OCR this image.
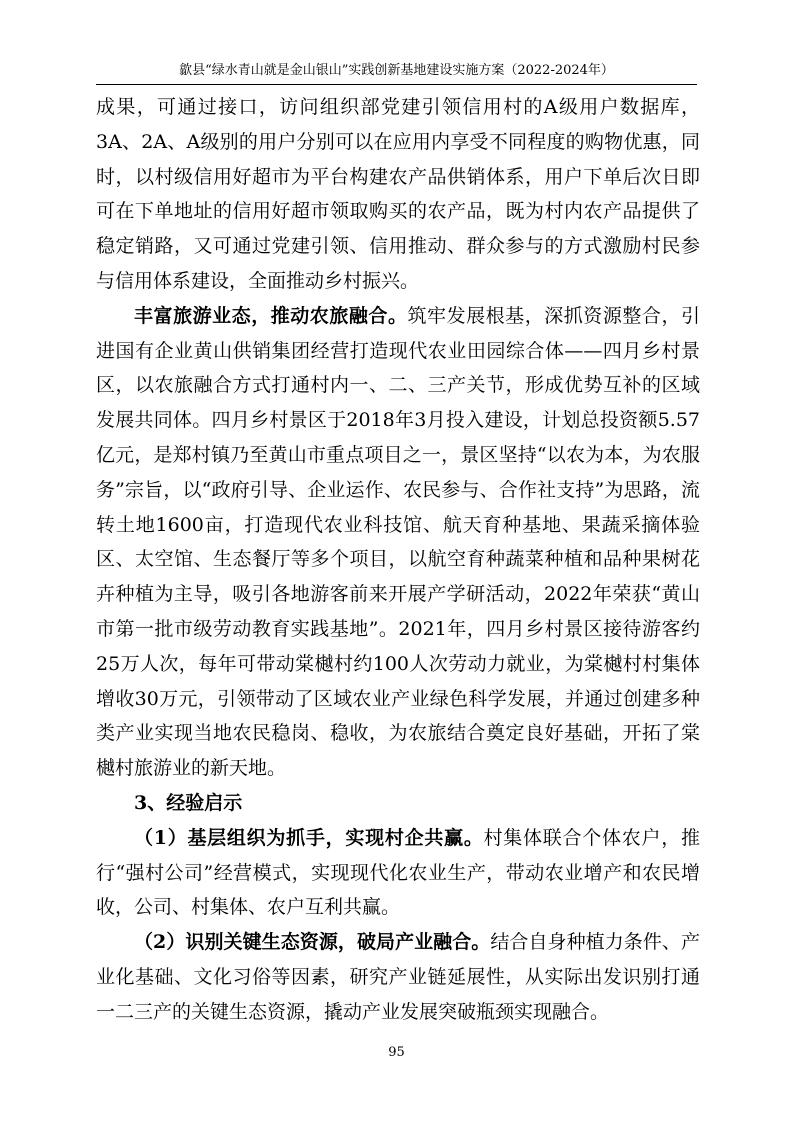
歙县“绿水青山就是金山银山”实践创新基地建设实施方案（2022-2024年）

成果，可通过接口，访问组织部党建引领信用村的A级用户数据库，3A、2A、A级别的用户分别可以在应用内享受不同程度的购物优惠，同时，以村级信用好超市为平台构建农产品供销体系，用户下单后次日即可在下单地址的信用好超市领取购买的农产品，既为村内农产品提供了稳定销路，又可通过党建引领、信用推动、群众参与的方式激励村民参与信用体系建设，全面推动乡村振兴。

丰富旅游业态，推动农旅融合。筑牢发展根基，深抓资源整合，引进国有企业黄山供销集团经营打造现代农业田园综合体——四月乡村景区，以农旅融合方式打通村内一、二、三产关节，形成优势互补的区域发展共同体。四月乡村景区于2018年3月投入建设，计划总投资额5.57亿元，是郑村镇乃至黄山市重点项目之一，景区坚持“以农为本，为农服务”宗旨，以“政府引导、企业运作、农民参与、合作社支持”为思路，流转土地1600亩，打造现代农业科技馆、航天育种基地、果蔬采摘体验区、太空馆、生态餐厅等多个项目，以航空育种蔬菜种植和品种果树花卉种植为主导，吸引各地游客前来开展产学研活动，2022年荣获“黄山市第一批市级劳动教育实践基地”。2021年，四月乡村景区接待游客约25万人次，每年可带动棠樾村约100人次劳动力就业，为棠樾村村集体增收30万元，引领带动了区域农业产业绿色科学发展，并通过创建多种类产业实现当地农民稳岗、稳收，为农旅结合奠定良好基础，开拓了棠樾村旅游业的新天地。

3、经验启示

（1）基层组织为抓手，实现村企共赢。村集体联合个体农户，推行“强村公司”经营模式，实现现代化农业生产，带动农业增产和农民增收，公司、村集体、农户互利共赢。

（2）识别关键生态资源，破局产业融合。结合自身种植力条件、产业化基础、文化习俗等因素，研究产业链延展性，从实际出发识别打通一二三产的关键生态资源，撬动产业发展突破瓶颈实现融合。

95
